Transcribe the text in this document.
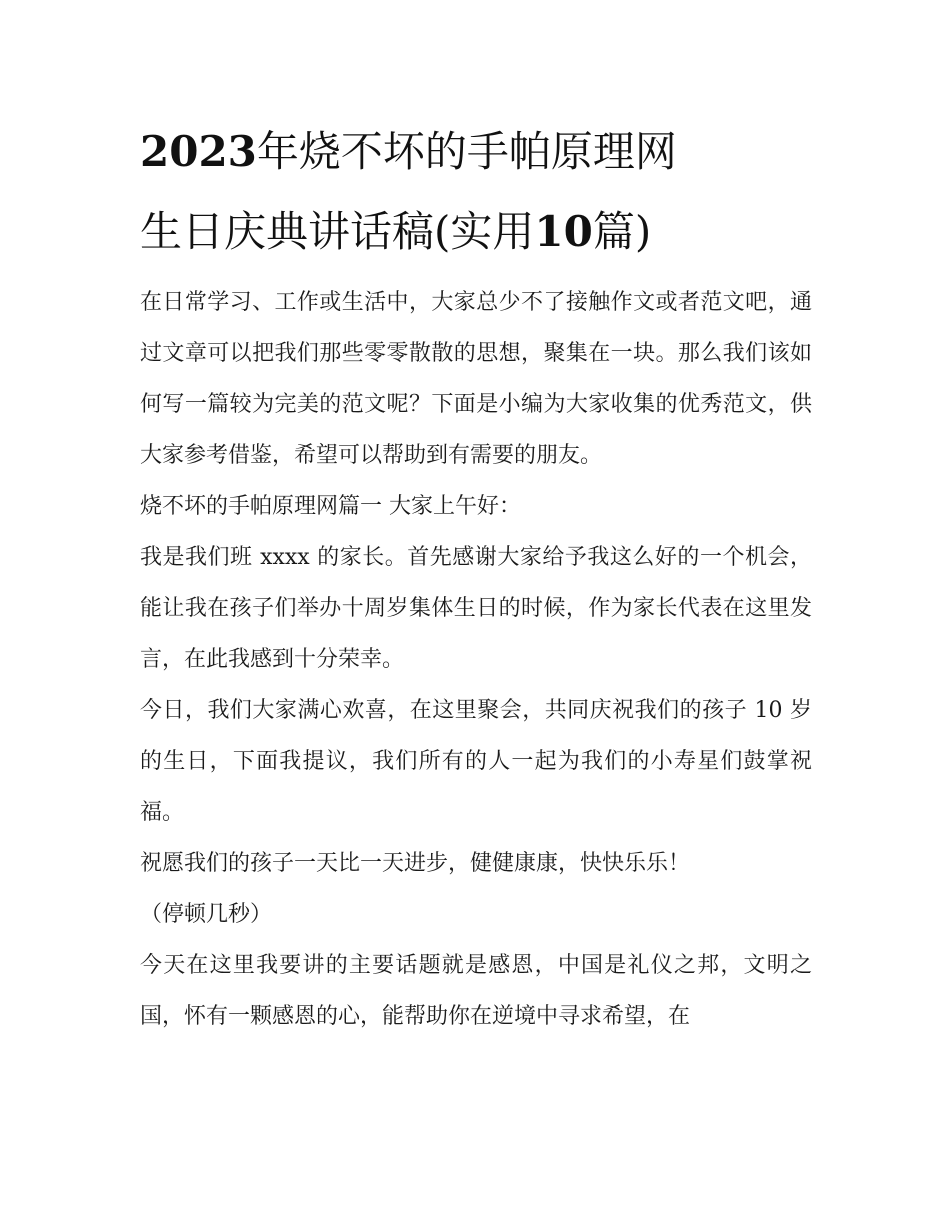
2023年烧不坏的手帕原理网
生日庆典讲话稿(实用10篇)

在日常学习、工作或生活中，大家总少不了接触作文或者范文吧，通过文章可以把我们那些零零散散的思想，聚集在一块。那么我们该如何写一篇较为完美的范文呢？下面是小编为大家收集的优秀范文，供大家参考借鉴，希望可以帮助到有需要的朋友。

烧不坏的手帕原理网篇一 大家上午好：

我是我们班 xxxx 的家长。首先感谢大家给予我这么好的一个机会，能让我在孩子们举办十周岁集体生日的时候，作为家长代表在这里发言，在此我感到十分荣幸。

今日，我们大家满心欢喜，在这里聚会，共同庆祝我们的孩子 10 岁的生日，下面我提议，我们所有的人一起为我们的小寿星们鼓掌祝福。

祝愿我们的孩子一天比一天进步，健健康康，快快乐乐！

（停顿几秒）

今天在这里我要讲的主要话题就是感恩，中国是礼仪之邦，文明之国，怀有一颗感恩的心，能帮助你在逆境中寻求希望，在
